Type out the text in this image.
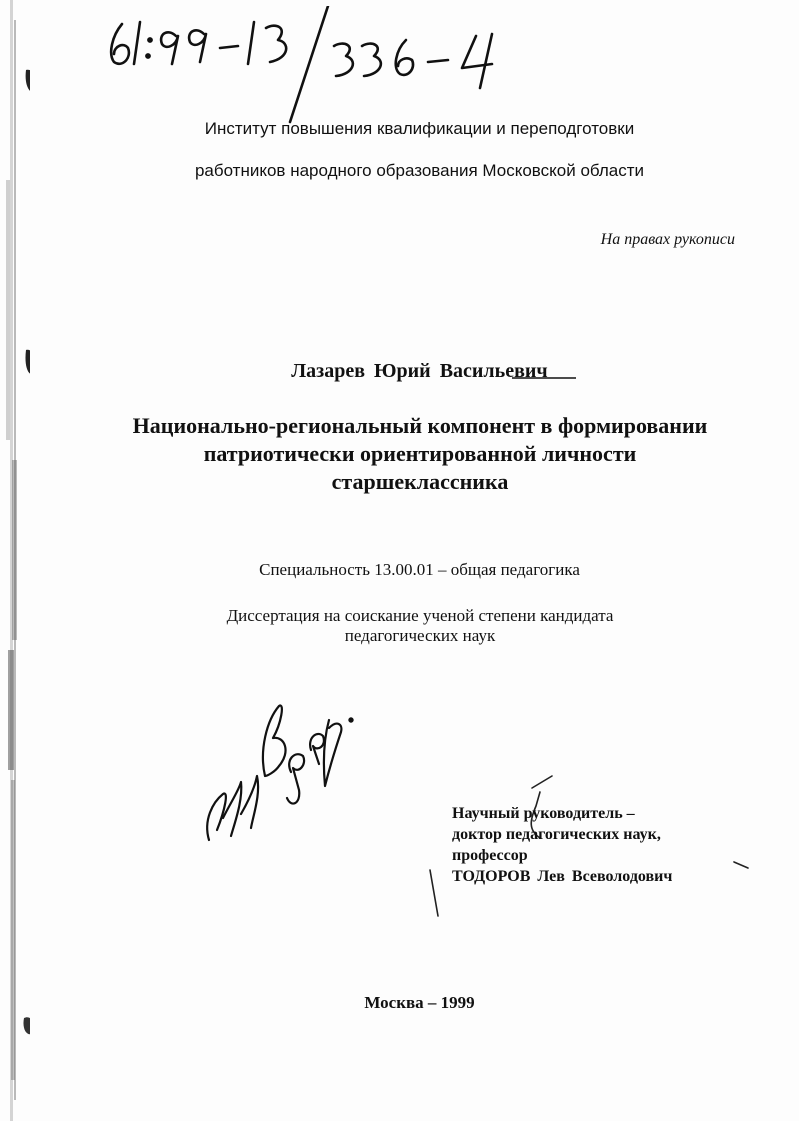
61:99-13/336-4
Институт повышения квалификации и переподготовки
работников народного образования Московской области
На правах рукописи
Лазарев Юрий Васильевич
Национально-региональный компонент в формировании
патриотически ориентированной личности
старшеклассника
Специальность 13.00.01 – общая педагогика
Диссертация на соискание ученой степени кандидата
педагогических наук
Научный руководитель –
доктор педагогических наук,
профессор
ТОДОРОВ Лев Всеволодович
Москва – 1999
